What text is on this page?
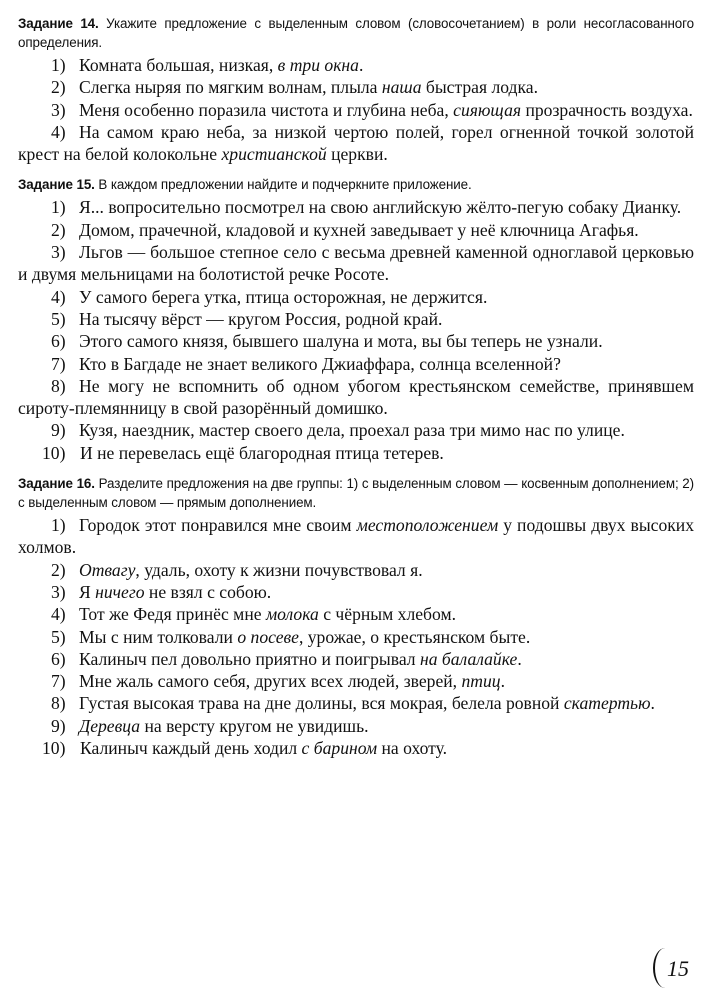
Задание 14. Укажите предложение с выделенным словом (словосочетанием) в роли несогласованного определения.

1) Комната большая, низкая, в три окна.
2) Слегка ныряя по мягким волнам, плыла наша быстрая лодка.
3) Меня особенно поразила чистота и глубина неба, сияющая прозрачность воздуха.
4) На самом краю неба, за низкой чертою полей, горел огненной точкой золотой крест на белой колокольне христианской церкви.

Задание 15. В каждом предложении найдите и подчеркните приложение.

1) Я... вопросительно посмотрел на свою английскую жёлто-пегую собаку Дианку.
2) Домом, прачечной, кладовой и кухней заведывает у неё ключница Агафья.
3) Льгов — большое степное село с весьма древней каменной одноглавой церковью и двумя мельницами на болотистой речке Росоте.
4) У самого берега утка, птица осторожная, не держится.
5) На тысячу вёрст — кругом Россия, родной край.
6) Этого самого князя, бывшего шалуна и мота, вы бы теперь не узнали.
7) Кто в Багдаде не знает великого Джиаффара, солнца вселенной?
8) Не могу не вспомнить об одном убогом крестьянском семействе, принявшем сироту-племянницу в свой разорённый домишко.
9) Кузя, наездник, мастер своего дела, проехал раза три мимо нас по улице.
10) И не перевелась ещё благородная птица тетерев.

Задание 16. Разделите предложения на две группы: 1) с выделенным словом — косвенным дополнением; 2) с выделенным словом — прямым дополнением.

1) Городок этот понравился мне своим местоположением у подошвы двух высоких холмов.
2) Отвагу, удаль, охоту к жизни почувствовал я.
3) Я ничего не взял с собою.
4) Тот же Федя принёс мне молока с чёрным хлебом.
5) Мы с ним толковали о посеве, урожае, о крестьянском быте.
6) Калиныч пел довольно приятно и поигрывал на балалайке.
7) Мне жаль самого себя, других всех людей, зверей, птиц.
8) Густая высокая трава на дне долины, вся мокрая, белела ровной скатертью.
9) Деревца на версту кругом не увидишь.
10) Калиныч каждый день ходил с барином на охоту.
15
